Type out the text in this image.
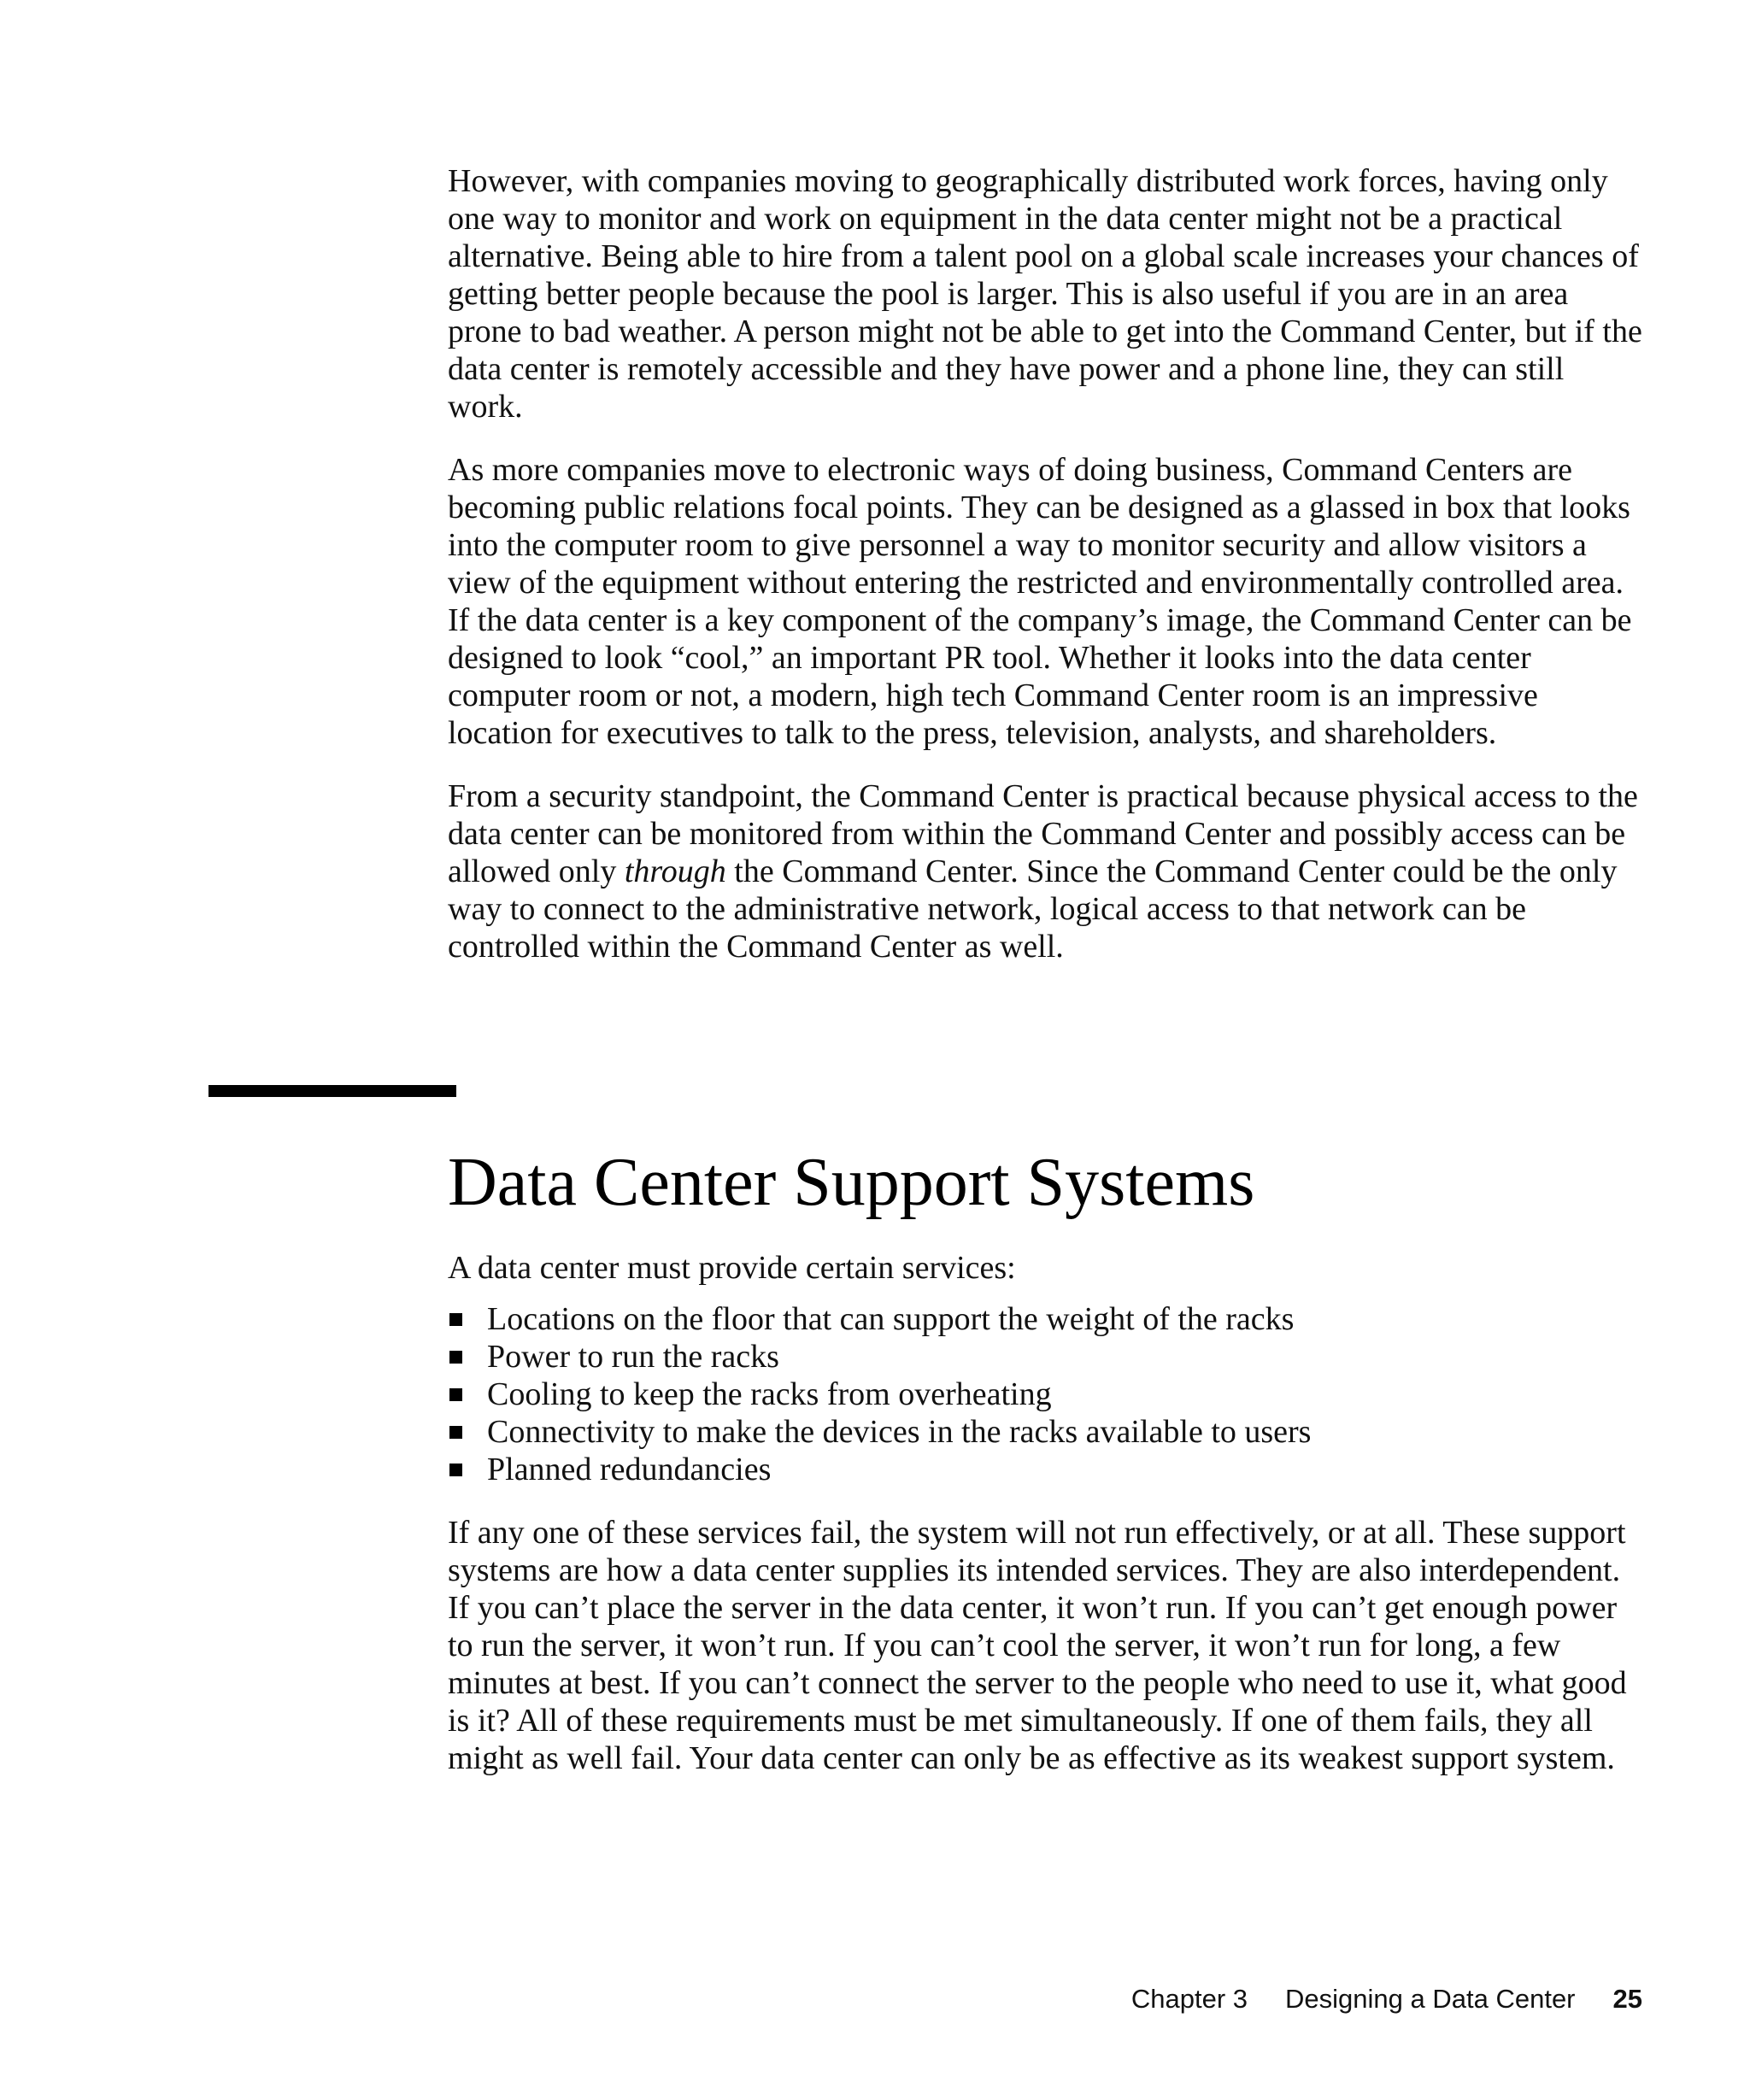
However, with companies moving to geographically distributed work forces, having only one way to monitor and work on equipment in the data center might not be a practical alternative. Being able to hire from a talent pool on a global scale increases your chances of getting better people because the pool is larger. This is also useful if you are in an area prone to bad weather. A person might not be able to get into the Command Center, but if the data center is remotely accessible and they have power and a phone line, they can still work.

As more companies move to electronic ways of doing business, Command Centers are becoming public relations focal points. They can be designed as a glassed in box that looks into the computer room to give personnel a way to monitor security and allow visitors a view of the equipment without entering the restricted and environmentally controlled area. If the data center is a key component of the company’s image, the Command Center can be designed to look “cool,” an important PR tool. Whether it looks into the data center computer room or not, a modern, high tech Command Center room is an impressive location for executives to talk to the press, television, analysts, and shareholders.

From a security standpoint, the Command Center is practical because physical access to the data center can be monitored from within the Command Center and possibly access can be allowed only through the Command Center. Since the Command Center could be the only way to connect to the administrative network, logical access to that network can be controlled within the Command Center as well.

Data Center Support Systems

A data center must provide certain services:

Locations on the floor that can support the weight of the racks
Power to run the racks
Cooling to keep the racks from overheating
Connectivity to make the devices in the racks available to users
Planned redundancies

If any one of these services fail, the system will not run effectively, or at all. These support systems are how a data center supplies its intended services. They are also interdependent. If you can’t place the server in the data center, it won’t run. If you can’t get enough power to run the server, it won’t run. If you can’t cool the server, it won’t run for long, a few minutes at best. If you can’t connect the server to the people who need to use it, what good is it? All of these requirements must be met simultaneously. If one of them fails, they all might as well fail. Your data center can only be as effective as its weakest support system.

Chapter 3 Designing a Data Center 25
